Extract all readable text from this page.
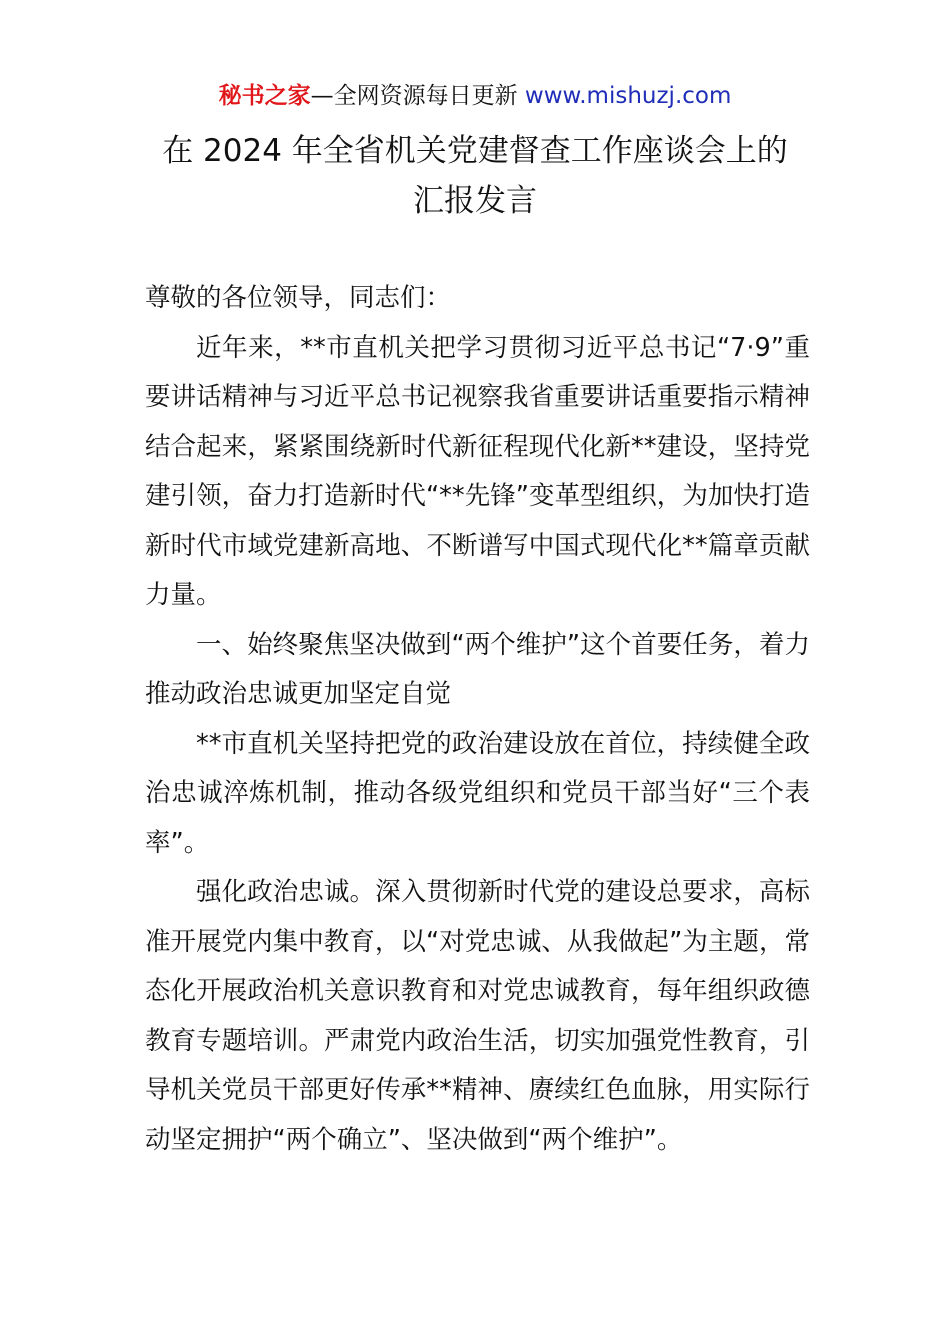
秘书之家—全网资源每日更新 www.mishuzj.com
在 2024 年全省机关党建督查工作座谈会上的
汇报发言

尊敬的各位领导，同志们：

近年来，**市直机关把学习贯彻习近平总书记“7·9”重要讲话精神与习近平总书记视察我省重要讲话重要指示精神结合起来，紧紧围绕新时代新征程现代化新**建设，坚持党建引领，奋力打造新时代“**先锋”变革型组织，为加快打造新时代市域党建新高地、不断谱写中国式现代化**篇章贡献力量。

一、始终聚焦坚决做到“两个维护”这个首要任务，着力推动政治忠诚更加坚定自觉

**市直机关坚持把党的政治建设放在首位，持续健全政治忠诚淬炼机制，推动各级党组织和党员干部当好“三个表率”。

强化政治忠诚。深入贯彻新时代党的建设总要求，高标准开展党内集中教育，以“对党忠诚、从我做起”为主题，常态化开展政治机关意识教育和对党忠诚教育，每年组织政德教育专题培训。严肃党内政治生活，切实加强党性教育，引导机关党员干部更好传承**精神、赓续红色血脉，用实际行动坚定拥护“两个确立”、坚决做到“两个维护”。
